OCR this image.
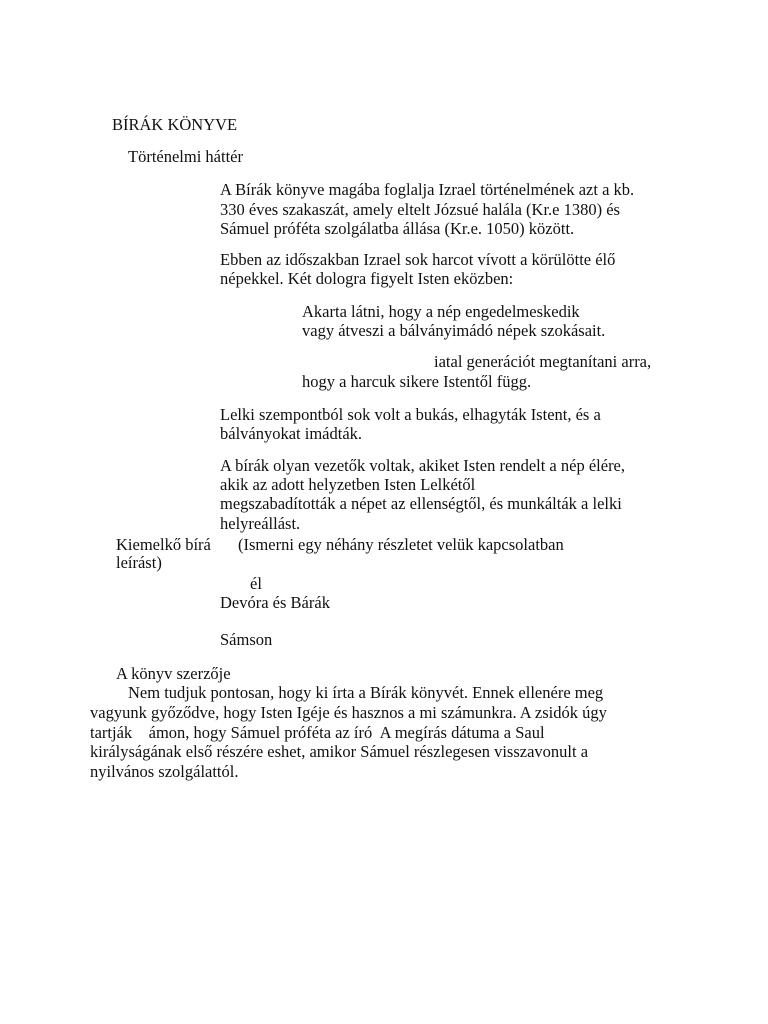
BÍRÁK KÖNYVE
Történelmi háttér
A Bírák könyve magába foglalja Izrael történelmének azt a kb.
330 éves szakaszát, amely eltelt Józsué halála (Kr.e 1380) és
Sámuel próféta szolgálatba állása (Kr.e. 1050) között.
Ebben az időszakban Izrael sok harcot vívott a körülötte élő
népekkel. Két dologra figyelt Isten eközben:
Akarta látni, hogy a nép engedelmeskedik
vagy átveszi a bálványimádó népek szokásait.
iatal generációt megtanítani arra,
hogy a harcuk sikere Istentől függ.
Lelki szempontból sok volt a bukás, elhagyták Istent, és a
bálványokat imádták.
A bírák olyan vezetők voltak, akiket Isten rendelt a nép élére,
akik az adott helyzetben Isten Lelkétől
megszabadították a népet az ellenségtől, és munkálták a lelki
helyreállást.
Kiemelkő bírá (Ismerni egy néhány részletet velük kapcsolatban
leírást)
él
Devóra és Bárák
Sámson
A könyv szerzője
Nem tudjuk pontosan, hogy ki írta a Bírák könyvét. Ennek ellenére meg
vagyunk győződve, hogy Isten Igéje és hasznos a mi számunkra. A zsidók úgy
tartják    ámon, hogy Sámuel próféta az író  A megírás dátuma a Saul
királyságának első részére eshet, amikor Sámuel részlegesen visszavonult a
nyilvános szolgálattól.
